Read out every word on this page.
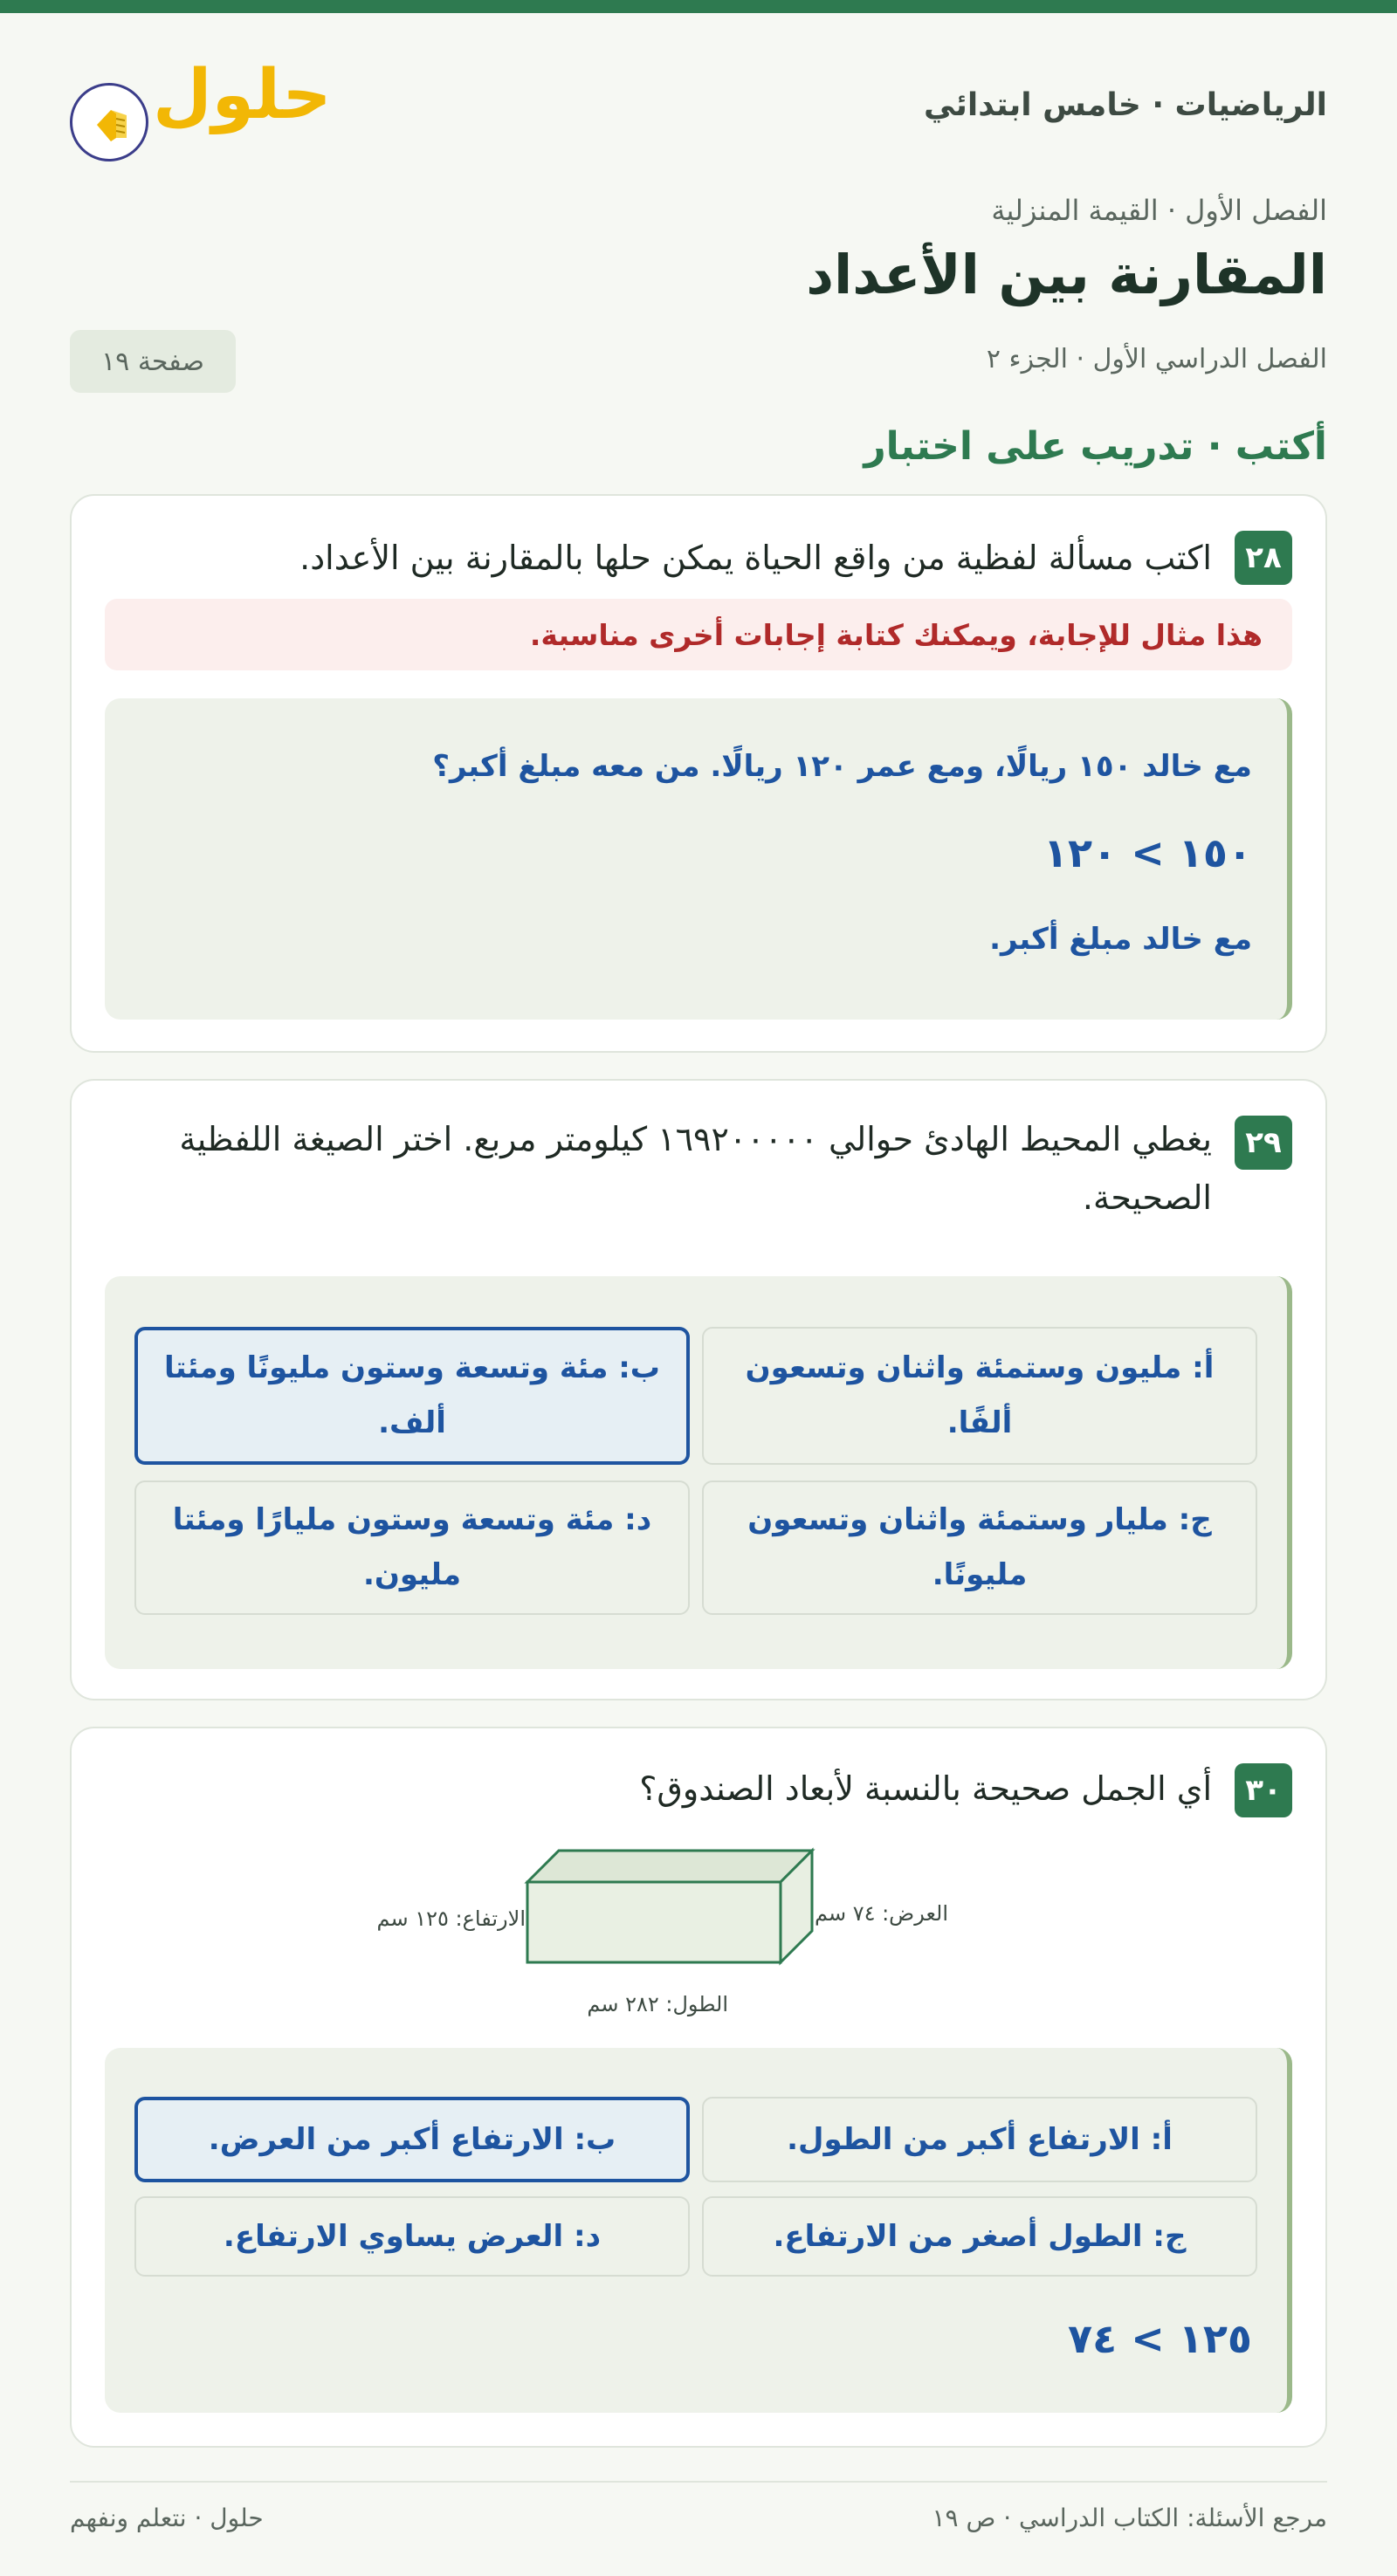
الرياضيات · خامس ابتدائي
حلول
الفصل الأول · القيمة المنزلية
المقارنة بين الأعداد
الفصل الدراسي الأول · الجزء ٢
صفحة ١٩
أكتب · تدريب على اختبار
٢٨
اكتب مسألة لفظية من واقع الحياة يمكن حلها بالمقارنة بين الأعداد.
هذا مثال للإجابة، ويمكنك كتابة إجابات أخرى مناسبة.
مع خالد ١٥٠ ريالًا، ومع عمر ١٢٠ ريالًا. من معه مبلغ أكبر؟
١٥٠ > ١٢٠
مع خالد مبلغ أكبر.
٢٩
يغطي المحيط الهادئ حوالي ١٦٩٢٠٠٠٠٠ كيلومتر مربع. اختر الصيغة اللفظية الصحيحة.
أ: مليون وستمئة واثنان وتسعون ألفًا.
ب: مئة وتسعة وستون مليونًا ومئتا ألف.
ج: مليار وستمئة واثنان وتسعون مليونًا.
د: مئة وتسعة وستون مليارًا ومئتا مليون.
٣٠
أي الجمل صحيحة بالنسبة لأبعاد الصندوق؟
الارتفاع: ١٢٥ سم	العرض: ٧٤ سم
الطول: ٢٨٢ سم
أ: الارتفاع أكبر من الطول.
ب: الارتفاع أكبر من العرض.
ج: الطول أصغر من الارتفاع.
د: العرض يساوي الارتفاع.
١٢٥ > ٧٤
مرجع الأسئلة: الكتاب الدراسي · ص ١٩
حلول · نتعلم ونفهم
